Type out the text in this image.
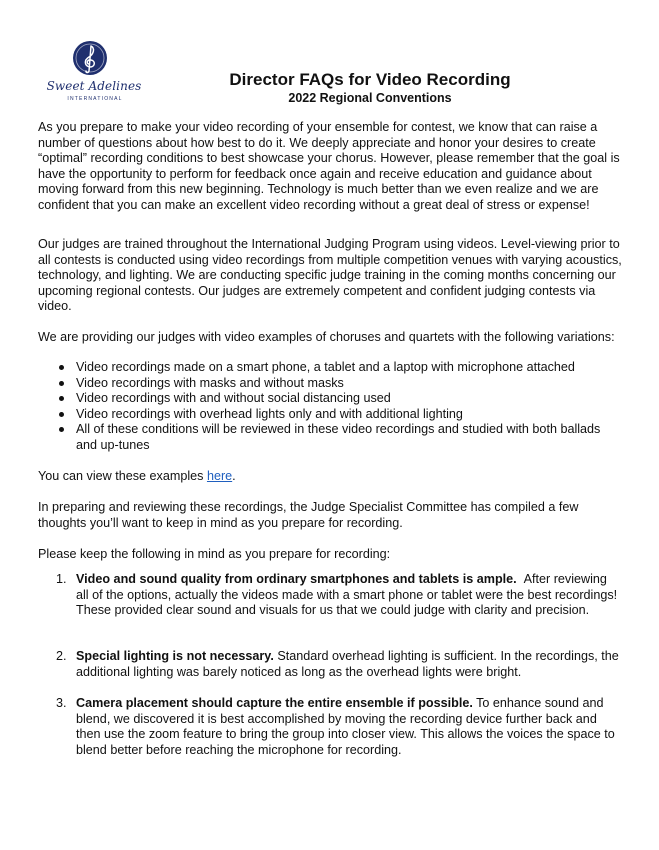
Sweet Adelines
INTERNATIONAL
Director FAQs for Video Recording
2022 Regional Conventions

As you prepare to make your video recording of your ensemble for contest, we know that can raise a number of questions about how best to do it. We deeply appreciate and honor your desires to create “optimal” recording conditions to best showcase your chorus. However, please remember that the goal is have the opportunity to perform for feedback once again and receive education and guidance about moving forward from this new beginning. Technology is much better than we even realize and we are confident that you can make an excellent video recording without a great deal of stress or expense!

Our judges are trained throughout the International Judging Program using videos. Level-viewing prior to all contests is conducted using video recordings from multiple competition venues with varying acoustics, technology, and lighting. We are conducting specific judge training in the coming months concerning our upcoming regional contests. Our judges are extremely competent and confident judging contests via video.

We are providing our judges with video examples of choruses and quartets with the following variations:

Video recordings made on a smart phone, a tablet and a laptop with microphone attached
Video recordings with masks and without masks
Video recordings with and without social distancing used
Video recordings with overhead lights only and with additional lighting
All of these conditions will be reviewed in these video recordings and studied with both ballads and up-tunes

You can view these examples here.

In preparing and reviewing these recordings, the Judge Specialist Committee has compiled a few thoughts you’ll want to keep in mind as you prepare for recording.

Please keep the following in mind as you prepare for recording:

1. Video and sound quality from ordinary smartphones and tablets is ample. After reviewing all of the options, actually the videos made with a smart phone or tablet were the best recordings! These provided clear sound and visuals for us that we could judge with clarity and precision.
2. Special lighting is not necessary. Standard overhead lighting is sufficient. In the recordings, the additional lighting was barely noticed as long as the overhead lights were bright.
3. Camera placement should capture the entire ensemble if possible. To enhance sound and blend, we discovered it is best accomplished by moving the recording device further back and then use the zoom feature to bring the group into closer view. This allows the voices the space to blend better before reaching the microphone for recording.
